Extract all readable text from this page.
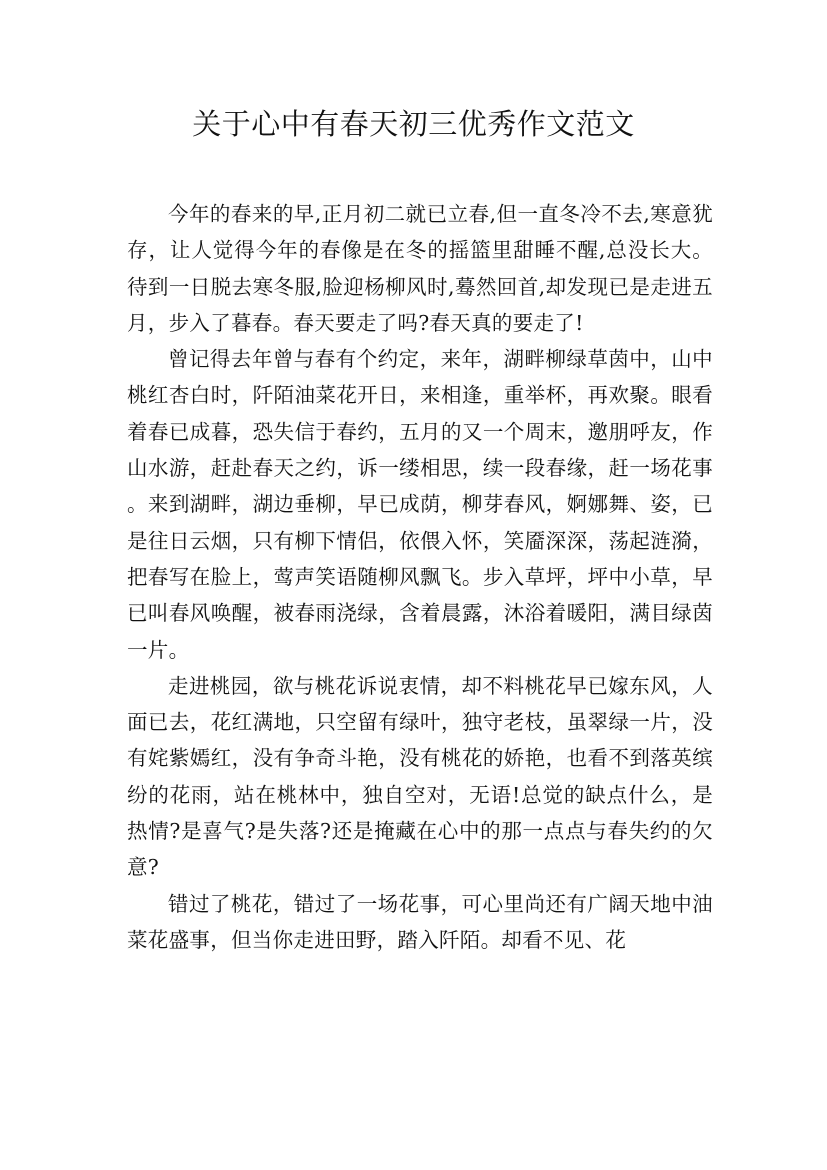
关于心中有春天初三优秀作文范文

今年的春来的早,正月初二就已立春,但一直冬冷不去,寒意犹存，让人觉得今年的春像是在冬的摇篮里甜睡不醒,总没长大。待到一日脱去寒冬服,脸迎杨柳风时,蓦然回首,却发现已是走进五月，步入了暮春。春天要走了吗?春天真的要走了!

曾记得去年曾与春有个约定，来年，湖畔柳绿草茵中，山中桃红杏白时，阡陌油菜花开日，来相逢，重举杯，再欢聚。眼看着春已成暮，恐失信于春约，五月的又一个周末，邀朋呼友，作山水游，赶赴春天之约，诉一缕相思，续一段春缘，赶一场花事。来到湖畔，湖边垂柳，早已成荫，柳芽春风，婀娜舞、姿，已是往日云烟，只有柳下情侣，依偎入怀，笑靥深深，荡起涟漪，把春写在脸上，莺声笑语随柳风飘飞。步入草坪，坪中小草，早已叫春风唤醒，被春雨浇绿，含着晨露，沐浴着暖阳，满目绿茵一片。

走进桃园，欲与桃花诉说衷情，却不料桃花早已嫁东风，人面已去，花红满地，只空留有绿叶，独守老枝，虽翠绿一片，没有姹紫嫣红，没有争奇斗艳，没有桃花的娇艳，也看不到落英缤纷的花雨，站在桃林中，独自空对，无语!总觉的缺点什么，是热情?是喜气?是失落?还是掩藏在心中的那一点点与春失约的欠意?

错过了桃花，错过了一场花事，可心里尚还有广阔天地中油菜花盛事，但当你走进田野，踏入阡陌。却看不见、花
